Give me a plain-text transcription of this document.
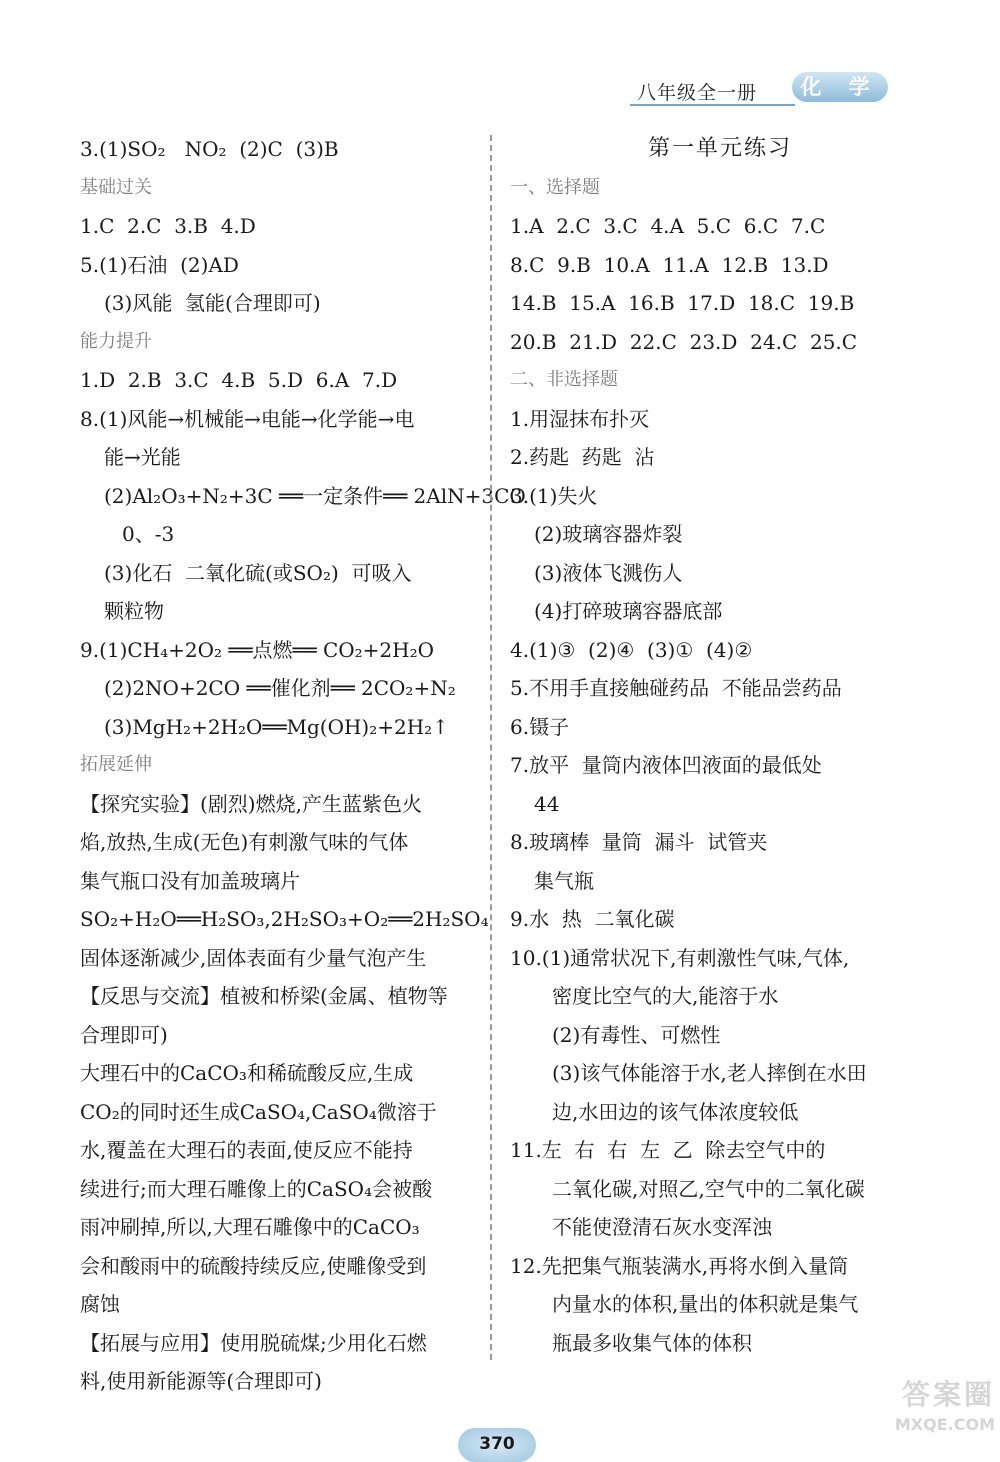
八年级全一册	化 学
3.(1)SO₂   NO₂  (2)C  (3)B
基础过关
1.C  2.C  3.B  4.D
5.(1)石油  (2)AD
(3)风能  氢能(合理即可)
能力提升
1.D  2.B  3.C  4.B  5.D  6.A  7.D
8.(1)风能→机械能→电能→化学能→电
能→光能
(2)Al₂O₃+N₂+3C ══一定条件══ 2AlN+3CO
0、-3
(3)化石  二氧化硫(或SO₂)  可吸入
颗粒物
9.(1)CH₄+2O₂ ══点燃══ CO₂+2H₂O
(2)2NO+2CO ══催化剂══ 2CO₂+N₂
(3)MgH₂+2H₂O══Mg(OH)₂+2H₂↑
拓展延伸
【探究实验】(剧烈)燃烧,产生蓝紫色火
焰,放热,生成(无色)有刺激气味的气体
集气瓶口没有加盖玻璃片
SO₂+H₂O══H₂SO₃,2H₂SO₃+O₂══2H₂SO₄
固体逐渐减少,固体表面有少量气泡产生
【反思与交流】植被和桥梁(金属、植物等
合理即可)
大理石中的CaCO₃和稀硫酸反应,生成
CO₂的同时还生成CaSO₄,CaSO₄微溶于
水,覆盖在大理石的表面,使反应不能持
续进行;而大理石雕像上的CaSO₄会被酸
雨冲刷掉,所以,大理石雕像中的CaCO₃
会和酸雨中的硫酸持续反应,使雕像受到
腐蚀
【拓展与应用】使用脱硫煤;少用化石燃
料,使用新能源等(合理即可)
第一单元练习
一、选择题
1.A  2.C  3.C  4.A  5.C  6.C  7.C
8.C  9.B  10.A  11.A  12.B  13.D
14.B  15.A  16.B  17.D  18.C  19.B
20.B  21.D  22.C  23.D  24.C  25.C
二、非选择题
1.用湿抹布扑灭
2.药匙  药匙  沾
3.(1)失火
(2)玻璃容器炸裂
(3)液体飞溅伤人
(4)打碎玻璃容器底部
4.(1)③  (2)④  (3)①  (4)②
5.不用手直接触碰药品  不能品尝药品
6.镊子
7.放平  量筒内液体凹液面的最低处
44
8.玻璃棒  量筒  漏斗  试管夹
集气瓶
9.水  热  二氧化碳
10.(1)通常状况下,有刺激性气味,气体,
密度比空气的大,能溶于水
(2)有毒性、可燃性
(3)该气体能溶于水,老人摔倒在水田
边,水田边的该气体浓度较低
11.左  右  右  左  乙  除去空气中的
二氧化碳,对照乙,空气中的二氧化碳
不能使澄清石灰水变浑浊
12.先把集气瓶装满水,再将水倒入量筒
内量水的体积,量出的体积就是集气
瓶最多收集气体的体积
370
答案圈
MXQE.COM
